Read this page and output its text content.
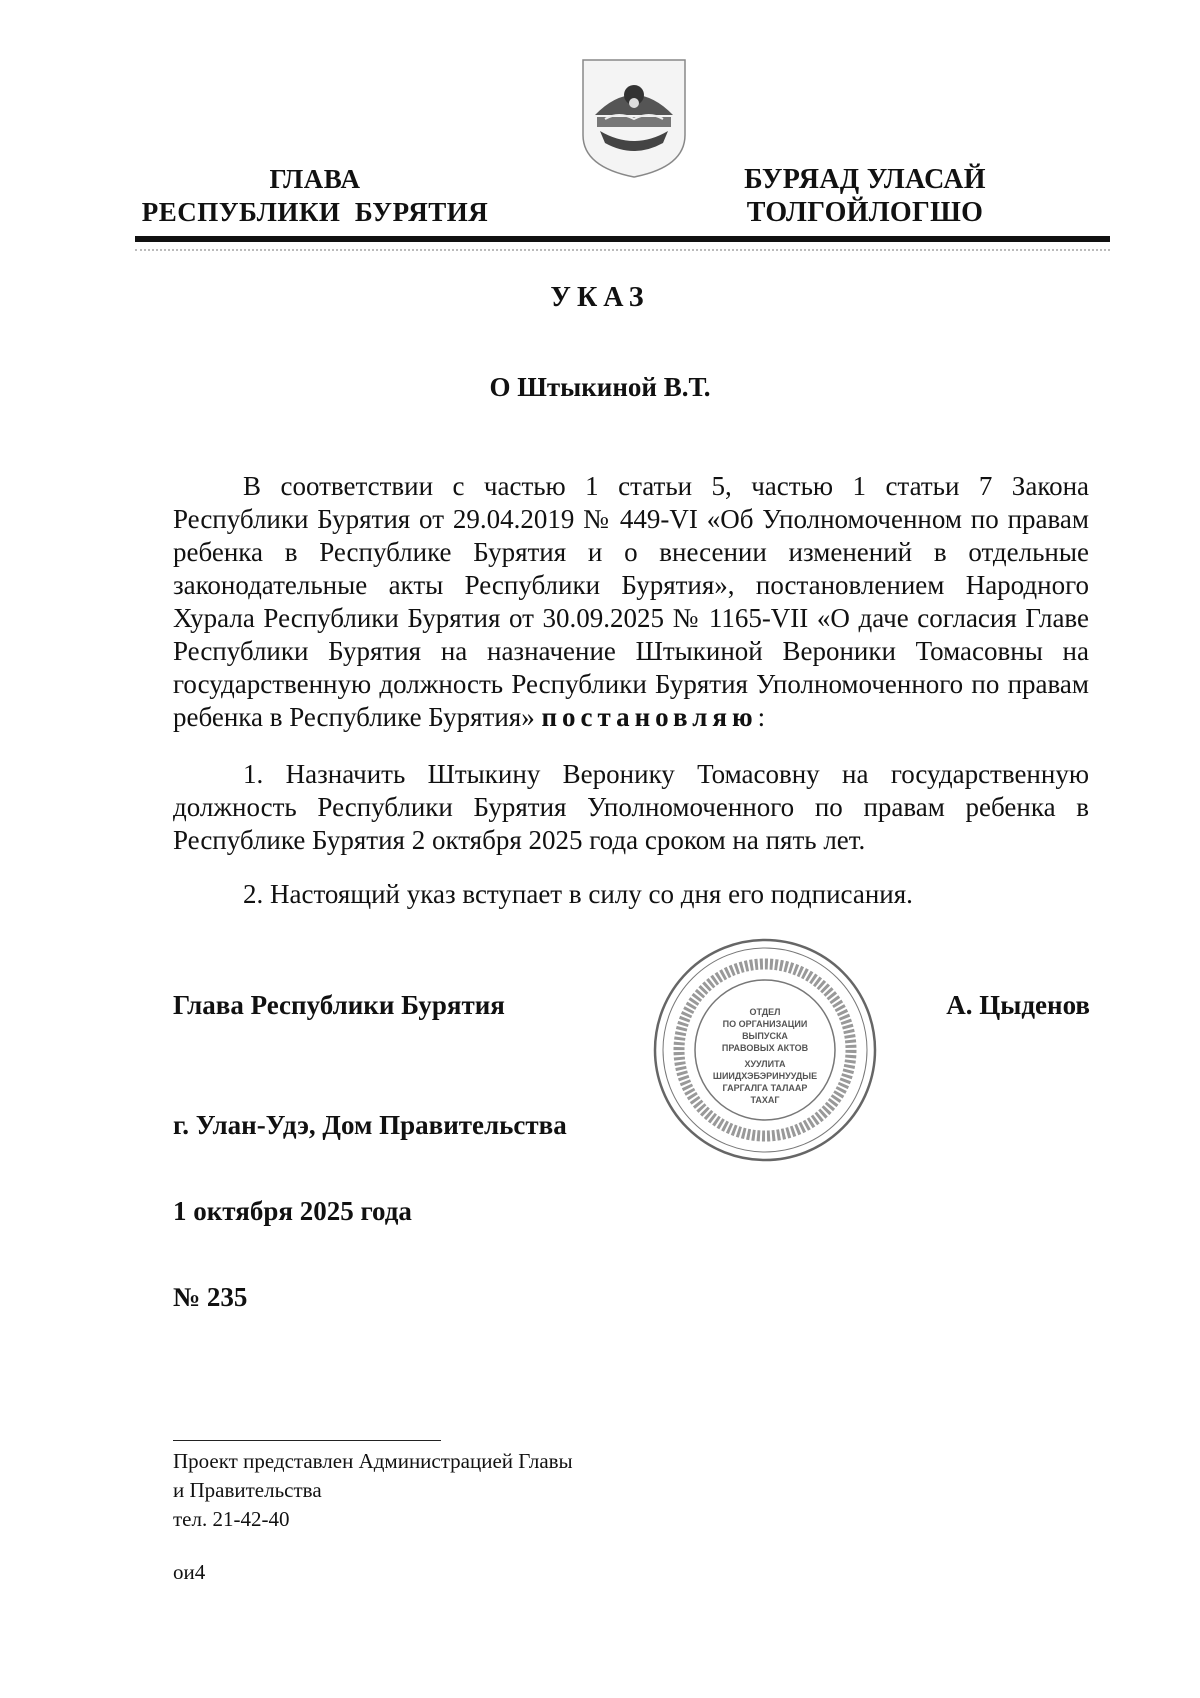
ГЛАВА
РЕСПУБЛИКИ  БУРЯТИЯ
БУРЯАД УЛАСАЙ
ТОЛГОЙЛОГШО
УКАЗ
О Штыкиной В.Т.
В соответствии с частью 1 статьи 5, частью 1 статьи 7 Закона Республики Бурятия от 29.04.2019 № 449-VI «Об Уполномоченном по правам ребенка в Республике Бурятия и о внесении изменений в отдельные законодательные акты Республики Бурятия», постановлением Народного Хурала Республики Бурятия от 30.09.2025 № 1165-VII «О даче согласия Главе Республики Бурятия на назначение Штыкиной Вероники Томасовны на государственную должность Республики Бурятия Уполномоченного по правам ребенка в Республике Бурятия» постановляю:
1. Назначить Штыкину Веронику Томасовну на государственную должность Республики Бурятия Уполномоченного по правам ребенка в Республике Бурятия 2 октября 2025 года сроком на пять лет.
2. Настоящий указ вступает в силу со дня его подписания.
Глава Республики Бурятия	А. Цыденов
ОТДЕЛ
ПО ОРГАНИЗАЦИИ
ВЫПУСКА
ПРАВОВЫХ АКТОВ
ХУУЛИТА
ШИИДХЭБЭРИНУУДЫЕ
ГАРГАЛГА ТАЛААР
ТАХАГ
г. Улан-Удэ, Дом Правительства
1 октября 2025 года
№ 235
Проект представлен Администрацией Главы
и Правительства
тел. 21-42-40
ои4
